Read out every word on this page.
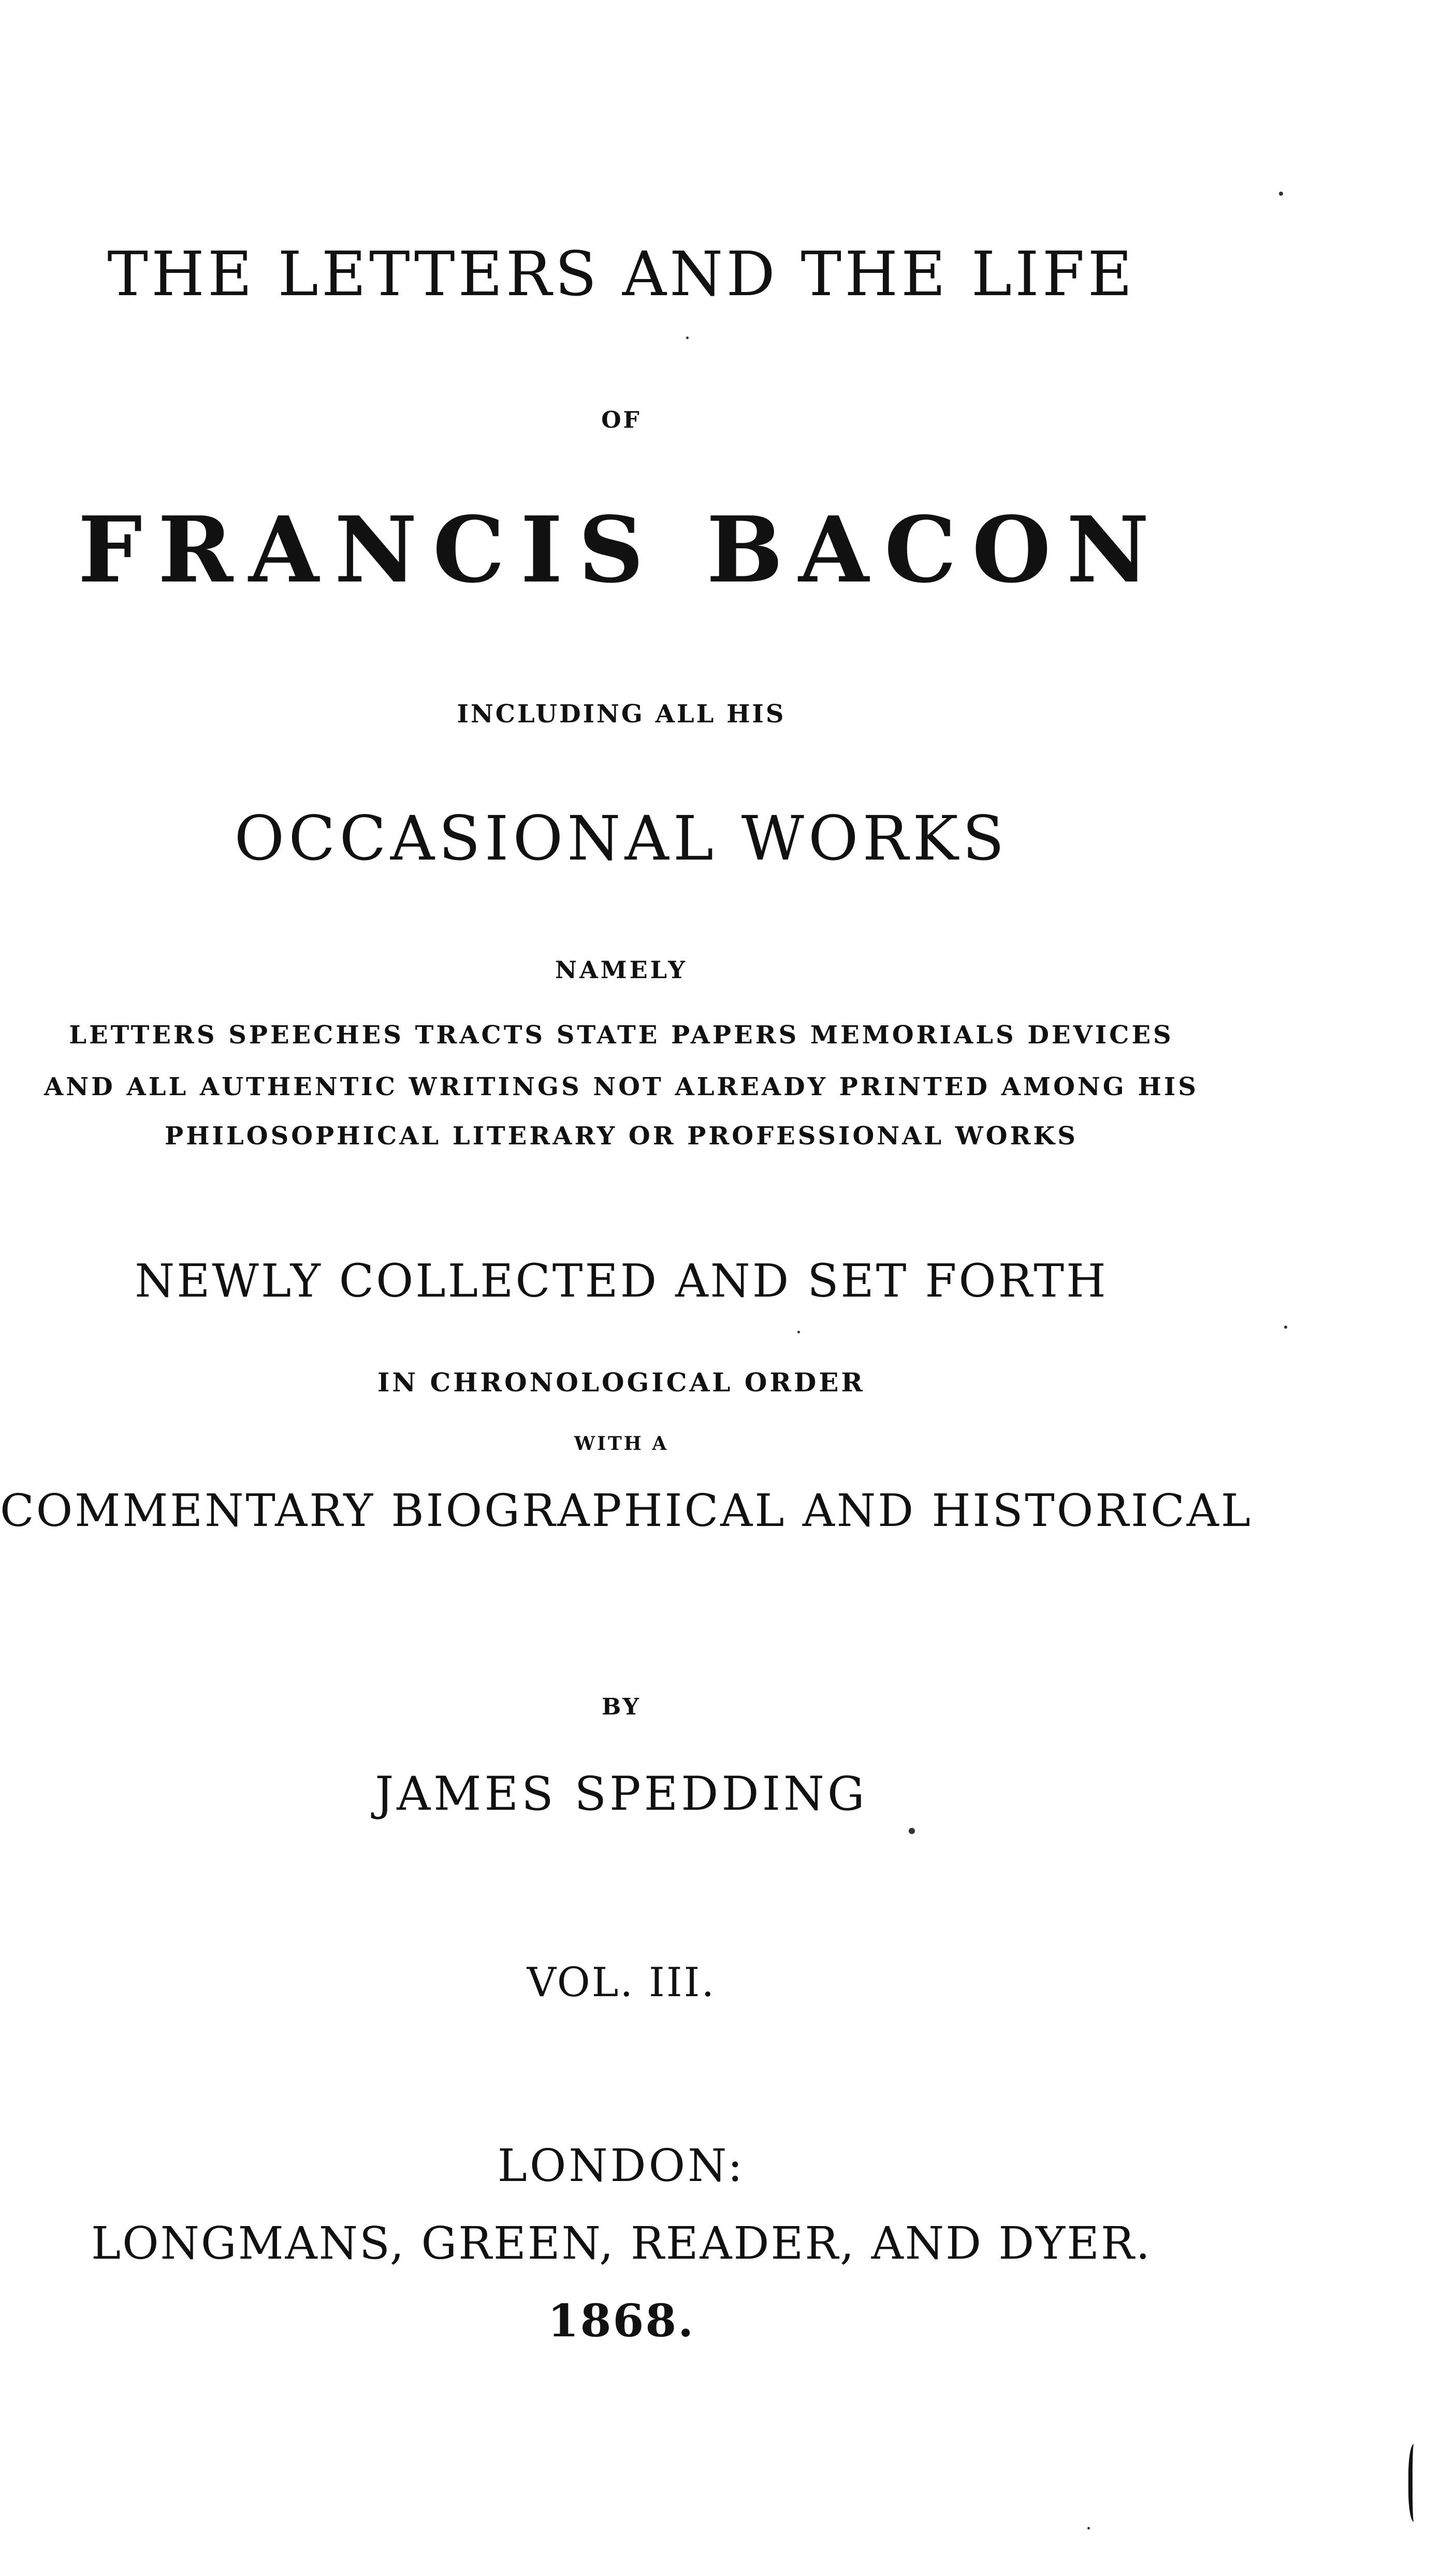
THE LETTERS AND THE LIFE
OF
FRANCIS BACON
INCLUDING ALL HIS
OCCASIONAL WORKS
NAMELY
LETTERS SPEECHES TRACTS STATE PAPERS MEMORIALS DEVICES
AND ALL AUTHENTIC WRITINGS NOT ALREADY PRINTED AMONG HIS
PHILOSOPHICAL LITERARY OR PROFESSIONAL WORKS
NEWLY COLLECTED AND SET FORTH
IN CHRONOLOGICAL ORDER
WITH A
COMMENTARY BIOGRAPHICAL AND HISTORICAL
BY
JAMES SPEDDING
VOL. III.
LONDON:
LONGMANS, GREEN, READER, AND DYER.
1868.
